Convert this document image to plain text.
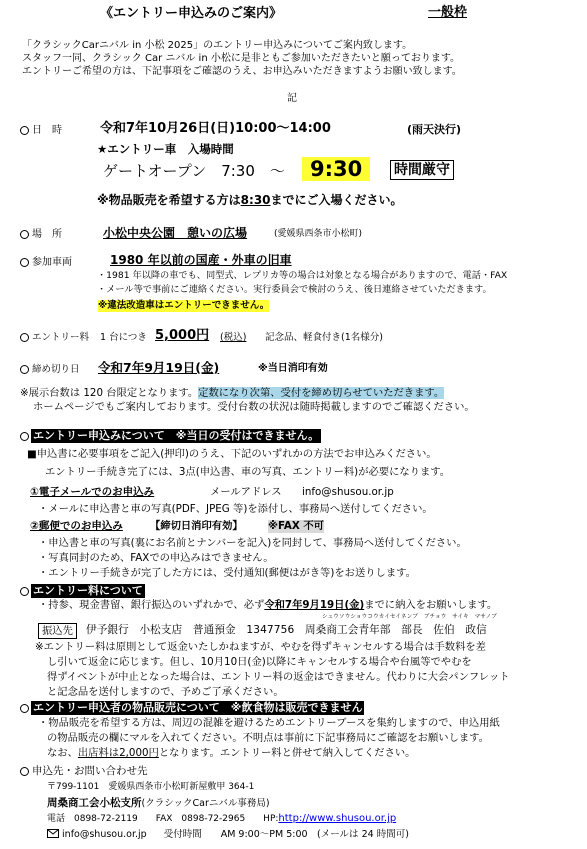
《エントリー申込みのご案内》	一般枠
「クラシックCarニバル in 小松 2025」のエントリー申込みについてご案内致します。
スタッフ一同、クラシック Car ニバル in 小松に是非ともご参加いただきたいと願っております。
エントリーご希望の方は、下記事項をご確認のうえ、お申込みいただきますようお願い致します。
記
日　時	令和7年10月26日(日)10:00～14:00	(雨天決行)
★エントリー車　入場時間
ゲートオープン　7:30　～	9:30	時間厳守
※物品販売を希望する方は8:30までにご入場ください。
場　所	小松中央公園　憩いの広場	(愛媛県西条市小松町)
参加車両	1980 年以前の国産・外車の旧車
・1981 年以降の車でも、同型式、レプリカ等の場合は対象となる場合がありますので、電話・FAX
・メール等で事前にご連絡ください。実行委員会で検討のうえ、後日連絡させていただきます。
※違法改造車はエントリーできません。
エントリー料 1 台につき 5,000円 (税込) 記念品、軽食付き(1名様分)
締め切り日 令和7年9月19日(金)	※当日消印有効
※展示台数は 120 台限定となります。定数になり次第、受付を締め切らせていただきます。
ホームページでもご案内しております。受付台数の状況は随時掲載しますのでご確認ください。
エントリー申込みについて　※当日の受付はできません。
■申込書に必要事項をご記入(押印)のうえ、下記のいずれかの方法でお申込みください。
エントリー手続き完了には、3点(申込書、車の写真、エントリー料)が必要になります。
①電子メールでのお申込み	メールアドレス info@shusou.or.jp
・メールに申込書と車の写真(PDF、JPEG 等)を添付し、事務局へ送付してください。
②郵便でのお申込み	【締切日消印有効】 ※FAX 不可
・申込書と車の写真(裏にお名前とナンバーを記入)を同封して、事務局へ送付してください。
・写真同封のため、FAXでの申込みはできません。
・エントリー手続きが完了した方には、受付通知(郵便はがき等)をお送りします。
エントリー料について
・持参、現金書留、銀行振込のいずれかで、必ず令和7年9月19日(金)までに納入をお願いします。
シュウソウショウコウカイセイネンブ　ブチョウ　サイキ　マサノブ
振込先	伊予銀行　小松支店　普通預金　1347756　周桑商工会青年部　部長　佐伯　政信
※エントリー料は原則として返金いたしかねますが、やむを得ずキャンセルする場合は手数料を差
し引いて返金に応じます。但し、10月10日(金)以降にキャンセルする場合や台風等でやむを
得ずイベントが中止となった場合は、エントリー料の返金はできません。代わりに大会パンフレット
と記念品を送付しますので、予めご了承ください。
エントリー申込者の物品販売について　※飲食物は販売できません
・物品販売を希望する方は、周辺の混雑を避けるためエントリーブースを集約しますので、申込用紙
の物品販売の欄にマルを入れてください。不明点は事前に下記事務局にご確認をお願いします。
なお、出店料は2,000円となります。エントリー料と併せて納入してください。
申込先・お問い合わせ先
〒799-1101　愛媛県西条市小松町新屋敷甲 364-1
周桑商工会小松支所(クラシックCarニバル事務局)
電話　0898-72-2119　　FAX　0898-72-2965　　HP:http://www.shusou.or.jp
info@shusou.or.jp 受付時間　　AM 9:00～PM 5:00　(メールは 24 時間可)
